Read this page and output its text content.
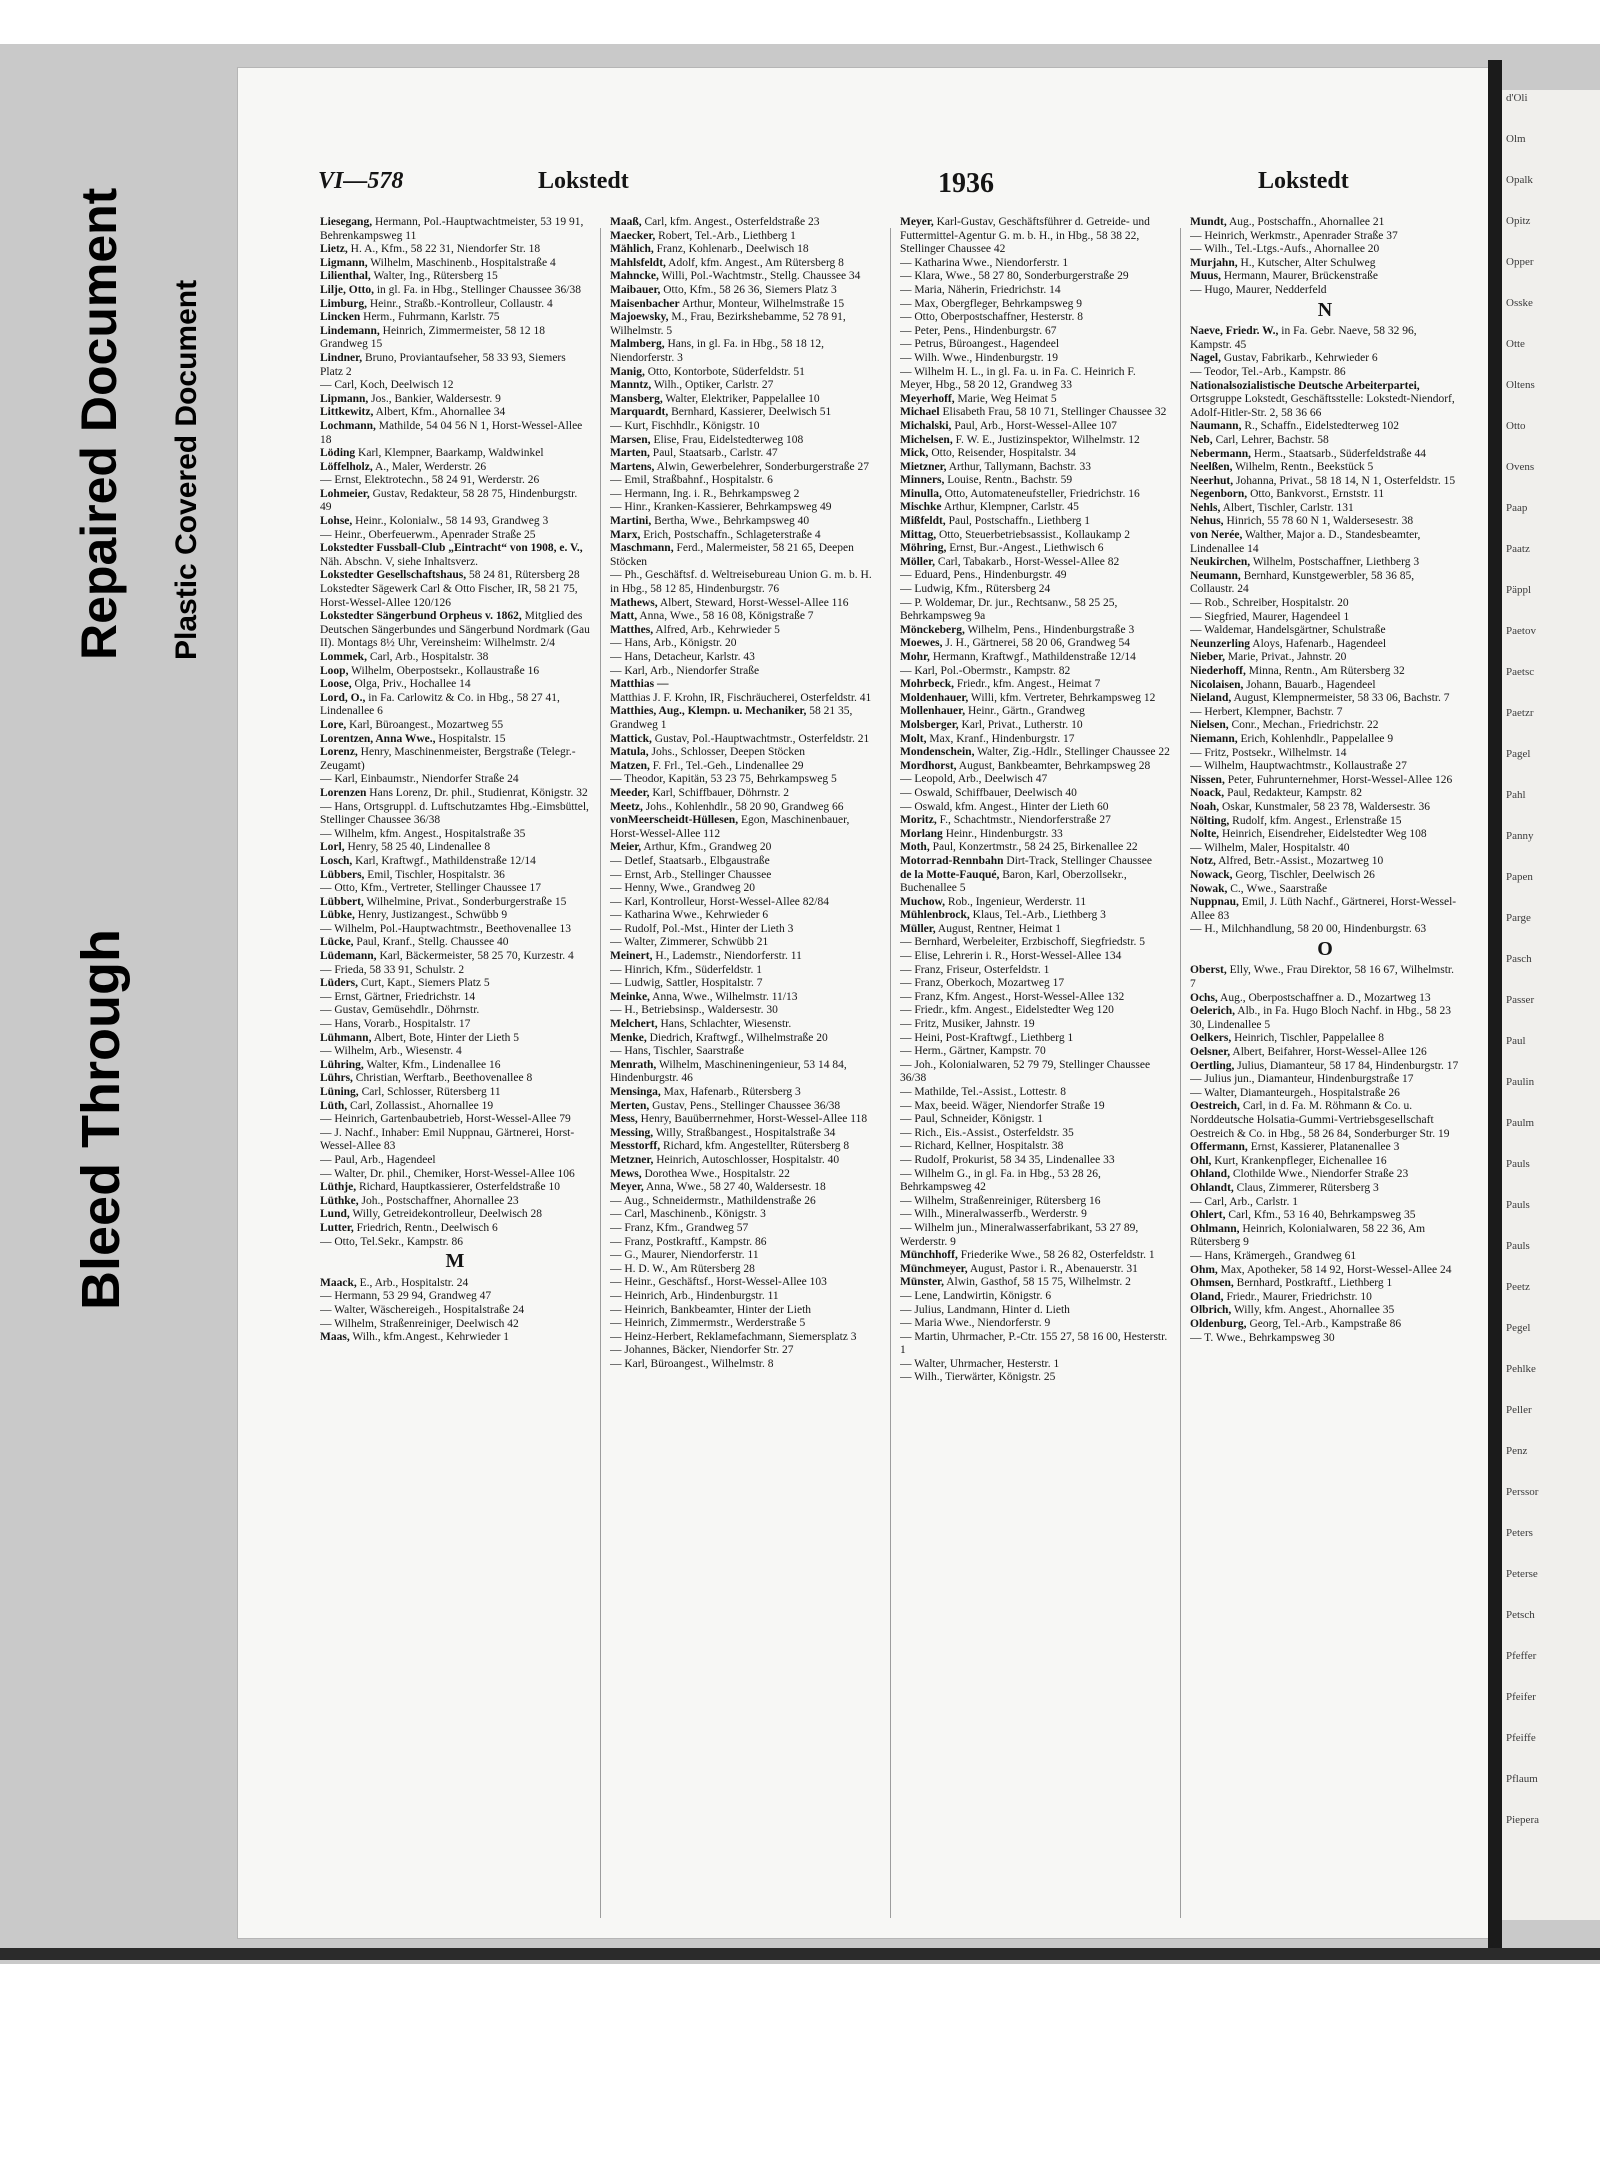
Bleed Through
Repaired Document Plastic Covered Document
VI—578	Lokstedt	1936	Lokstedt

Liesegang, Hermann, Pol.-Hauptwachtmeister, 53 19 91, Behrenkampsweg 11

Lietz, H. A., Kfm., 58 22 31, Niendorfer Str. 18

Ligmann, Wilhelm, Maschinenb., Hospitalstraße 4

Lilienthal, Walter, Ing., Rütersberg 15

Lilje, Otto, in gl. Fa. in Hbg., Stellinger Chaussee 36/38

Limburg, Heinr., Straßb.-Kontrolleur, Collaustr. 4

Lincken Herm., Fuhrmann, Karlstr. 75

Lindemann, Heinrich, Zimmermeister, 58 12 18 Grandweg 15

Lindner, Bruno, Proviantaufseher, 58 33 93, Siemers Platz 2

— Carl, Koch, Deelwisch 12

Lipmann, Jos., Bankier, Waldersestr. 9

Littkewitz, Albert, Kfm., Ahornallee 34

Lochmann, Mathilde, 54 04 56 N 1, Horst-Wessel-Allee 18

Löding Karl, Klempner, Baarkamp, Waldwinkel

Löffelholz, A., Maler, Werderstr. 26

— Ernst, Elektrotechn., 58 24 91, Werderstr. 26

Lohmeier, Gustav, Redakteur, 58 28 75, Hindenburgstr. 49

Lohse, Heinr., Kolonialw., 58 14 93, Grandweg 3

— Heinr., Oberfeuerwm., Apenrader Straße 25

Lokstedter Fussball-Club „Eintracht“ von 1908, e. V., Näh. Abschn. V, siehe Inhaltsverz.

Lokstedter Gesellschaftshaus, 58 24 81, Rütersberg 28

Lokstedter Sägewerk Carl & Otto Fischer, IR, 58 21 75, Horst-Wessel-Allee 120/126

Lokstedter Sängerbund Orpheus v. 1862, Mitglied des Deutschen Sängerbundes und Sängerbund Nordmark (Gau II). Montags 8½ Uhr, Vereinsheim: Wilhelmstr. 2/4

Lommek, Carl, Arb., Hospitalstr. 38

Loop, Wilhelm, Oberpostsekr., Kollaustraße 16

Loose, Olga, Priv., Hochallee 14

Lord, O., in Fa. Carlowitz & Co. in Hbg., 58 27 41, Lindenallee 6

Lore, Karl, Büroangest., Mozartweg 55

Lorentzen, Anna Wwe., Hospitalstr. 15

Lorenz, Henry, Maschinenmeister, Bergstraße (Telegr.-Zeugamt)

— Karl, Einbaumstr., Niendorfer Straße 24

Lorenzen Hans Lorenz, Dr. phil., Studienrat, Königstr. 32

— Hans, Ortsgruppl. d. Luftschutzamtes Hbg.-Eimsbüttel, Stellinger Chaussee 36/38

— Wilhelm, kfm. Angest., Hospitalstraße 35

Lorl, Henry, 58 25 40, Lindenallee 8

Losch, Karl, Kraftwgf., Mathildenstraße 12/14

Lübbers, Emil, Tischler, Hospitalstr. 36

— Otto, Kfm., Vertreter, Stellinger Chaussee 17

Lübbert, Wilhelmine, Privat., Sonderburgerstraße 15

Lübke, Henry, Justizangest., Schwübb 9

— Wilhelm, Pol.-Hauptwachtmstr., Beethovenallee 13

Lücke, Paul, Kranf., Stellg. Chaussee 40

Lüdemann, Karl, Bäckermeister, 58 25 70, Kurzestr. 4

— Frieda, 58 33 91, Schulstr. 2

Lüders, Curt, Kapt., Siemers Platz 5

— Ernst, Gärtner, Friedrichstr. 14

— Gustav, Gemüsehdlr., Döhrnstr.

— Hans, Vorarb., Hospitalstr. 17

Lühmann, Albert, Bote, Hinter der Lieth 5

— Wilhelm, Arb., Wiesenstr. 4

Lühring, Walter, Kfm., Lindenallee 16

Lührs, Christian, Werftarb., Beethovenallee 8

Lüning, Carl, Schlosser, Rütersberg 11

Lüth, Carl, Zollassist., Ahornallee 19

— Heinrich, Gartenbaubetrieb, Horst-Wessel-Allee 79

— J. Nachf., Inhaber: Emil Nuppnau, Gärtnerei, Horst-Wessel-Allee 83

— Paul, Arb., Hagendeel

— Walter, Dr. phil., Chemiker, Horst-Wessel-Allee 106

Lüthje, Richard, Hauptkassierer, Osterfeldstraße 10

Lüthke, Joh., Postschaffner, Ahornallee 23

Lund, Willy, Getreidekontrolleur, Deelwisch 28

Lutter, Friedrich, Rentn., Deelwisch 6

— Otto, Tel.Sekr., Kampstr. 86

M

Maack, E., Arb., Hospitalstr. 24

— Hermann, 53 29 94, Grandweg 47

— Walter, Wäschereigeh., Hospitalstraße 24

— Wilhelm, Straßenreiniger, Deelwisch 42

Maas, Wilh., kfm.Angest., Kehrwieder 1

Maaß, Carl, kfm. Angest., Osterfeldstraße 23

Maecker, Robert, Tel.-Arb., Liethberg 1

Mählich, Franz, Kohlenarb., Deelwisch 18

Mahlsfeldt, Adolf, kfm. Angest., Am Rütersberg 8

Mahncke, Willi, Pol.-Wachtmstr., Stellg. Chaussee 34

Maibauer, Otto, Kfm., 58 26 36, Siemers Platz 3

Maisenbacher Arthur, Monteur, Wilhelmstraße 15

Majoewsky, M., Frau, Bezirkshebamme, 52 78 91, Wilhelmstr. 5

Malmberg, Hans, in gl. Fa. in Hbg., 58 18 12, Niendorferstr. 3

Manig, Otto, Kontorbote, Süderfeldstr. 51

Manntz, Wilh., Optiker, Carlstr. 27

Mansberg, Walter, Elektriker, Pappelallee 10

Marquardt, Bernhard, Kassierer, Deelwisch 51

— Kurt, Fischhdlr., Königstr. 10

Marsen, Elise, Frau, Eidelstedterweg 108

Marten, Paul, Staatsarb., Carlstr. 47

Martens, Alwin, Gewerbelehrer, Sonderburgerstraße 27

— Emil, Straßbahnf., Hospitalstr. 6

— Hermann, Ing. i. R., Behrkampsweg 2

— Hinr., Kranken-Kassierer, Behrkampsweg 49

Martini, Bertha, Wwe., Behrkampsweg 40

Marx, Erich, Postschaffn., Schlageterstraße 4

Maschmann, Ferd., Malermeister, 58 21 65, Deepen Stöcken

— Ph., Geschäftsf. d. Weltreisebureau Union G. m. b. H. in Hbg., 58 12 85, Hindenburgstr. 76

Mathews, Albert, Steward, Horst-Wessel-Allee 116

Matt, Anna, Wwe., 58 16 08, Königstraße 7

Matthes, Alfred, Arb., Kehrwieder 5

— Hans, Arb., Königstr. 20

— Hans, Detacheur, Karlstr. 43

— Karl, Arb., Niendorfer Straße

Matthias —

Matthias J. F. Krohn, IR, Fischräucherei, Osterfeldstr. 41

Matthies, Aug., Klempn. u. Mechaniker, 58 21 35, Grandweg 1

Mattick, Gustav, Pol.-Hauptwachtmstr., Osterfeldstr. 21

Matula, Johs., Schlosser, Deepen Stöcken

Matzen, F. Frl., Tel.-Geh., Lindenallee 29

— Theodor, Kapitän, 53 23 75, Behrkampsweg 5

Meeder, Karl, Schiffbauer, Döhrnstr. 2

Meetz, Johs., Kohlenhdlr., 58 20 90, Grandweg 66

vonMeerscheidt-Hüllesen, Egon, Maschinenbauer, Horst-Wessel-Allee 112

Meier, Arthur, Kfm., Grandweg 20

— Detlef, Staatsarb., Elbgaustraße

— Ernst, Arb., Stellinger Chaussee

— Henny, Wwe., Grandweg 20

— Karl, Kontrolleur, Horst-Wessel-Allee 82/84

— Katharina Wwe., Kehrwieder 6

— Rudolf, Pol.-Mst., Hinter der Lieth 3

— Walter, Zimmerer, Schwübb 21

Meinert, H., Lademstr., Niendorferstr. 11

— Hinrich, Kfm., Süderfeldstr. 1

— Ludwig, Sattler, Hospitalstr. 7

Meinke, Anna, Wwe., Wilhelmstr. 11/13

— H., Betriebsinsp., Waldersestr. 30

Melchert, Hans, Schlachter, Wiesenstr.

Menke, Diedrich, Kraftwgf., Wilhelmstraße 20

— Hans, Tischler, Saarstraße

Menrath, Wilhelm, Maschineningenieur, 53 14 84, Hindenburgstr. 46

Mensinga, Max, Hafenarb., Rütersberg 3

Merten, Gustav, Pens., Stellinger Chaussee 36/38

Mess, Henry, Bauüberrnehmer, Horst-Wessel-Allee 118

Messing, Willy, Straßbangest., Hospitalstraße 34

Messtorff, Richard, kfm. Angestellter, Rütersberg 8

Metzner, Heinrich, Autoschlosser, Hospitalstr. 40

Mews, Dorothea Wwe., Hospitalstr. 22

Meyer, Anna, Wwe., 58 27 40, Waldersestr. 18

— Aug., Schneidermstr., Mathildenstraße 26

— Carl, Maschinenb., Königstr. 3

— Franz, Kfm., Grandweg 57

— Franz, Postkraftf., Kampstr. 86

— G., Maurer, Niendorferstr. 11

— H. D. W., Am Rütersberg 28

— Heinr., Geschäftsf., Horst-Wessel-Allee 103

— Heinrich, Arb., Hindenburgstr. 11

— Heinrich, Bankbeamter, Hinter der Lieth

— Heinrich, Zimmermstr., Werderstraße 5

— Heinz-Herbert, Reklamefachmann, Siemersplatz 3

— Johannes, Bäcker, Niendorfer Str. 27

— Karl, Büroangest., Wilhelmstr. 8

Meyer, Karl-Gustav, Geschäftsführer d. Getreide- und Futtermittel-Agentur G. m. b. H., in Hbg., 58 38 22, Stellinger Chaussee 42

— Katharina Wwe., Niendorferstr. 1

— Klara, Wwe., 58 27 80, Sonderburgerstraße 29

— Maria, Näherin, Friedrichstr. 14

— Max, Obergfleger, Behrkampsweg 9

— Otto, Oberpostschaffner, Hesterstr. 8

— Peter, Pens., Hindenburgstr. 67

— Petrus, Büroangest., Hagendeel

— Wilh. Wwe., Hindenburgstr. 19

— Wilhelm H. L., in gl. Fa. u. in Fa. C. Heinrich F. Meyer, Hbg., 58 20 12, Grandweg 33

Meyerhoff, Marie, Weg Heimat 5

Michael Elisabeth Frau, 58 10 71, Stellinger Chaussee 32

Michalski, Paul, Arb., Horst-Wessel-Allee 107

Michelsen, F. W. E., Justizinspektor, Wilhelmstr. 12

Mick, Otto, Reisender, Hospitalstr. 34

Mietzner, Arthur, Tallymann, Bachstr. 33

Minners, Louise, Rentn., Bachstr. 59

Minulla, Otto, Automateneufsteller, Friedrichstr. 16

Mischke Arthur, Klempner, Carlstr. 45

Mißfeldt, Paul, Postschaffn., Liethberg 1

Mittag, Otto, Steuerbetriebsassist., Kollaukamp 2

Möhring, Ernst, Bur.-Angest., Liethwisch 6

Möller, Carl, Tabakarb., Horst-Wessel-Allee 82

— Eduard, Pens., Hindenburgstr. 49

— Ludwig, Kfm., Rütersberg 24

— P. Woldemar, Dr. jur., Rechtsanw., 58 25 25, Behrkampsweg 9a

Mönckeberg, Wilhelm, Pens., Hindenburgstraße 3

Moewes, J. H., Gärtnerei, 58 20 06, Grandweg 54

Mohr, Hermann, Kraftwgf., Mathildenstraße 12/14

— Karl, Pol.-Obermstr., Kampstr. 82

Mohrbeck, Friedr., kfm. Angest., Heimat 7

Moldenhauer, Willi, kfm. Vertreter, Behrkampsweg 12

Mollenhauer, Heinr., Gärtn., Grandweg

Molsberger, Karl, Privat., Lutherstr. 10

Molt, Max, Kranf., Hindenburgstr. 17

Mondenschein, Walter, Zig.-Hdlr., Stellinger Chaussee 22

Mordhorst, August, Bankbeamter, Behrkampsweg 28

— Leopold, Arb., Deelwisch 47

— Oswald, Schiffbauer, Deelwisch 40

— Oswald, kfm. Angest., Hinter der Lieth 60

Moritz, F., Schachtmstr., Niendorferstraße 27

Morlang Heinr., Hindenburgstr. 33

Moth, Paul, Konzertmstr., 58 24 25, Birkenallee 22

Motorrad-Rennbahn Dirt-Track, Stellinger Chaussee

de la Motte-Fauqué, Baron, Karl, Oberzollsekr., Buchenallee 5

Muchow, Rob., Ingenieur, Werderstr. 11

Mühlenbrock, Klaus, Tel.-Arb., Liethberg 3

Müller, August, Rentner, Heimat 1

— Bernhard, Werbeleiter, Erzbischoff, Siegfriedstr. 5

— Elise, Lehrerin i. R., Horst-Wessel-Allee 134

— Franz, Friseur, Osterfeldstr. 1

— Franz, Oberkoch, Mozartweg 17

— Franz, Kfm. Angest., Horst-Wessel-Allee 132

— Friedr., kfm. Angest., Eidelstedter Weg 120

— Fritz, Musiker, Jahnstr. 19

— Heini, Post-Kraftwgf., Liethberg 1

— Herm., Gärtner, Kampstr. 70

— Joh., Kolonialwaren, 52 79 79, Stellinger Chaussee 36/38

— Mathilde, Tel.-Assist., Lottestr. 8

— Max, beeid. Wäger, Niendorfer Straße 19

— Paul, Schneider, Königstr. 1

— Rich., Eis.-Assist., Osterfeldstr. 35

— Richard, Kellner, Hospitalstr. 38

— Rudolf, Prokurist, 58 34 35, Lindenallee 33

— Wilhelm G., in gl. Fa. in Hbg., 53 28 26, Behrkampsweg 42

— Wilhelm, Straßenreiniger, Rütersberg 16

— Wilh., Mineralwasserfb., Werderstr. 9

— Wilhelm jun., Mineralwasserfabrikant, 53 27 89, Werderstr. 9

Münchhoff, Friederike Wwe., 58 26 82, Osterfeldstr. 1

Münchmeyer, August, Pastor i. R., Abenauerstr. 31

Münster, Alwin, Gasthof, 58 15 75, Wilhelmstr. 2

— Lene, Landwirtin, Königstr. 6

— Julius, Landmann, Hinter d. Lieth

— Maria Wwe., Niendorferstr. 9

— Martin, Uhrmacher, P.-Ctr. 155 27, 58 16 00, Hesterstr. 1

— Walter, Uhrmacher, Hesterstr. 1

— Wilh., Tierwärter, Königstr. 25

Mundt, Aug., Postschaffn., Ahornallee 21

— Heinrich, Werkmstr., Apenrader Straße 37

— Wilh., Tel.-Ltgs.-Aufs., Ahornallee 20

Murjahn, H., Kutscher, Alter Schulweg

Muus, Hermann, Maurer, Brückenstraße

— Hugo, Maurer, Nedderfeld

N

Naeve, Friedr. W., in Fa. Gebr. Naeve, 58 32 96, Kampstr. 45

Nagel, Gustav, Fabrikarb., Kehrwieder 6

— Teodor, Tel.-Arb., Kampstr. 86

Nationalsozialistische Deutsche Arbeiterpartei, Ortsgruppe Lokstedt, Geschäftsstelle: Lokstedt-Niendorf, Adolf-Hitler-Str. 2, 58 36 66

Naumann, R., Schaffn., Eidelstedterweg 102

Neb, Carl, Lehrer, Bachstr. 58

Nebermann, Herm., Staatsarb., Süderfeldstraße 44

Neelßen, Wilhelm, Rentn., Beekstück 5

Neerhut, Johanna, Privat., 58 18 14, N 1, Osterfeldstr. 15

Negenborn, Otto, Bankvorst., Ernststr. 11

Nehls, Albert, Tischler, Carlstr. 131

Nehus, Hinrich, 55 78 60 N 1, Waldersesestr. 38

von Nerée, Walther, Major a. D., Standesbeamter, Lindenallee 14

Neukirchen, Wilhelm, Postschaffner, Liethberg 3

Neumann, Bernhard, Kunstgewerbler, 58 36 85, Collaustr. 24

— Rob., Schreiber, Hospitalstr. 20

— Siegfried, Maurer, Hagendeel 1

— Waldemar, Handelsgärtner, Schulstraße

Neunzerling Aloys, Hafenarb., Hagendeel

Nieber, Marie, Privat., Jahnstr. 20

Niederhoff, Minna, Rentn., Am Rütersberg 32

Nicolaisen, Johann, Bauarb., Hagendeel

Nieland, August, Klempnermeister, 58 33 06, Bachstr. 7

— Herbert, Klempner, Bachstr. 7

Nielsen, Conr., Mechan., Friedrichstr. 22

Niemann, Erich, Kohlenhdlr., Pappelallee 9

— Fritz, Postsekr., Wilhelmstr. 14

— Wilhelm, Hauptwachtmstr., Kollaustraße 27

Nissen, Peter, Fuhrunternehmer, Horst-Wessel-Allee 126

Noack, Paul, Redakteur, Kampstr. 82

Noah, Oskar, Kunstmaler, 58 23 78, Waldersestr. 36

Nölting, Rudolf, kfm. Angest., Erlenstraße 15

Nolte, Heinrich, Eisendreher, Eidelstedter Weg 108

— Wilhelm, Maler, Hospitalstr. 40

Notz, Alfred, Betr.-Assist., Mozartweg 10

Nowack, Georg, Tischler, Deelwisch 26

Nowak, C., Wwe., Saarstraße

Nuppnau, Emil, J. Lüth Nachf., Gärtnerei, Horst-Wessel-Allee 83

— H., Milchhandlung, 58 20 00, Hindenburgstr. 63

O

Oberst, Elly, Wwe., Frau Direktor, 58 16 67, Wilhelmstr. 7

Ochs, Aug., Oberpostschaffner a. D., Mozartweg 13

Oelerich, Alb., in Fa. Hugo Bloch Nachf. in Hbg., 58 23 30, Lindenallee 5

Oelkers, Heinrich, Tischler, Pappelallee 8

Oelsner, Albert, Beifahrer, Horst-Wessel-Allee 126

Oertling, Julius, Diamanteur, 58 17 84, Hindenburgstr. 17

— Julius jun., Diamanteur, Hindenburgstraße 17

— Walter, Diamanteurgeh., Hospitalstraße 26

Oestreich, Carl, in d. Fa. M. Röhmann & Co. u. Norddeutsche Holsatia-Gummi-Vertriebsgesellschaft Oestreich & Co. in Hbg., 58 26 84, Sonderburger Str. 19

Offermann, Ernst, Kassierer, Platanenallee 3

Ohl, Kurt, Krankenpfleger, Eichenallee 16

Ohland, Clothilde Wwe., Niendorfer Straße 23

Ohlandt, Claus, Zimmerer, Rütersberg 3

— Carl, Arb., Carlstr. 1

Ohlert, Carl, Kfm., 53 16 40, Behrkampsweg 35

Ohlmann, Heinrich, Kolonialwaren, 58 22 36, Am Rütersberg 9

— Hans, Krämergeh., Grandweg 61

Ohm, Max, Apotheker, 58 14 92, Horst-Wessel-Allee 24

Ohmsen, Bernhard, Postkraftf., Liethberg 1

Oland, Friedr., Maurer, Friedrichstr. 10

Olbrich, Willy, kfm. Angest., Ahornallee 35

Oldenburg, Georg, Tel.-Arb., Kampstraße 86

— T. Wwe., Behrkampsweg 30

d'Oli
Olm
Opalk
Opitz
Opper
Osske
Otte
Oltens
Otto
Ovens
Paap
Paatz
Päppl
Paetov
Paetsc
Paetzr
Pagel
Pahl
Panny
Papen
Parge
Pasch
Passer
Paul
Paulin
Paulm
Pauls
Pauls
Pauls
Peetz
Pegel
Pehlke
Peller
Penz
Perssor
Peters
Peterse
Petsch
Pfeffer
Pfeifer
Pfeiffe
Pflaum
Piepera
